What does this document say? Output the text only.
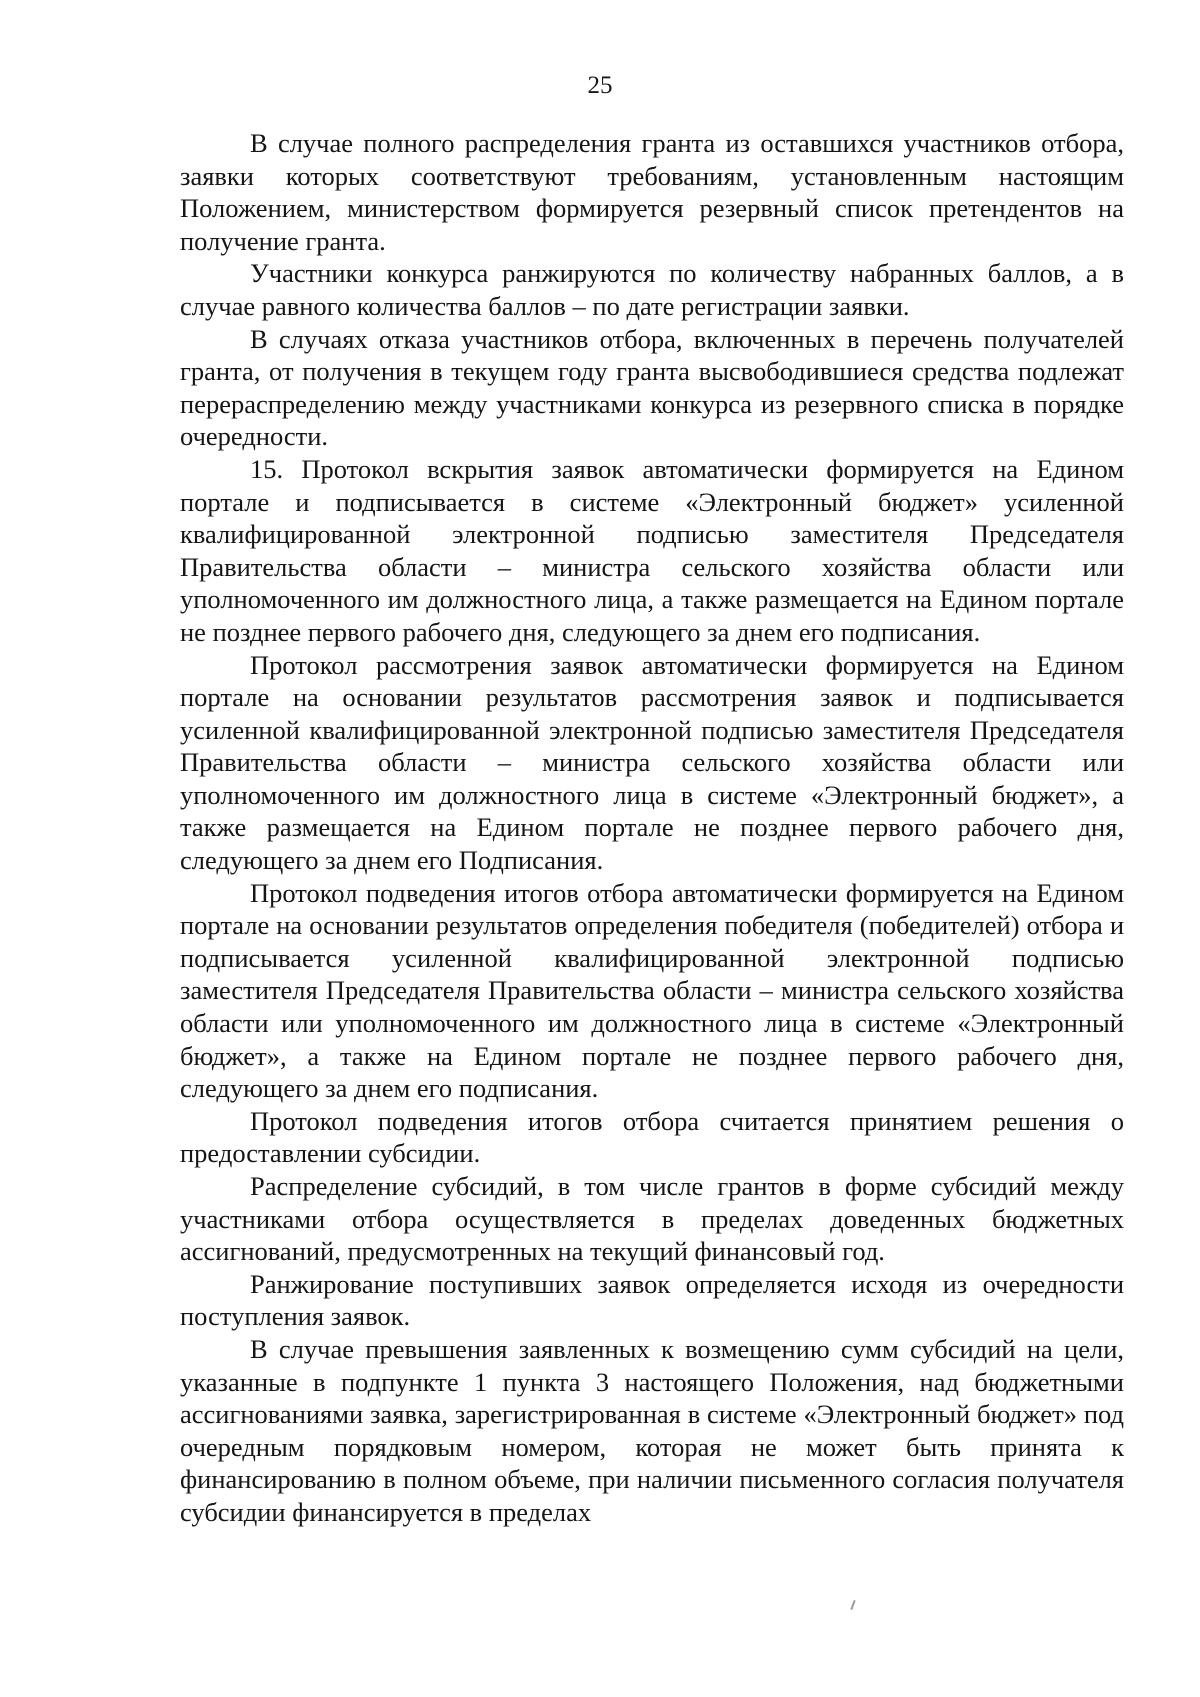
25

В случае полного распределения гранта из оставшихся участников отбора, заявки которых соответствуют требованиям, установленным настоящим Положением, министерством формируется резервный список претендентов на получение гранта.

Участники конкурса ранжируются по количеству набранных баллов, а в случае равного количества баллов – по дате регистрации заявки.

В случаях отказа участников отбора, включенных в перечень получателей гранта, от получения в текущем году гранта высвободившиеся средства подлежат перераспределению между участниками конкурса из резервного списка в порядке очередности.

15. Протокол вскрытия заявок автоматически формируется на Едином портале и подписывается в системе «Электронный бюджет» усиленной квалифицированной электронной подписью заместителя Председателя Правительства области – министра сельского хозяйства области или уполномоченного им должностного лица, а также размещается на Едином портале не позднее первого рабочего дня, следующего за днем его подписания.

Протокол рассмотрения заявок автоматически формируется на Едином портале на основании результатов рассмотрения заявок и подписывается усиленной квалифицированной электронной подписью заместителя Председателя Правительства области – министра сельского хозяйства области или уполномоченного им должностного лица в системе «Электронный бюджет», а также размещается на Едином портале не позднее первого рабочего дня, следующего за днем его Подписания.

Протокол подведения итогов отбора автоматически формируется на Едином портале на основании результатов определения победителя (победителей) отбора и подписывается усиленной квалифицированной электронной подписью заместителя Председателя Правительства области – министра сельского хозяйства области или уполномоченного им должностного лица в системе «Электронный бюджет», а также на Едином портале не позднее первого рабочего дня, следующего за днем его подписания.

Протокол подведения итогов отбора считается принятием решения о предоставлении субсидии.

Распределение субсидий, в том числе грантов в форме субсидий между участниками отбора осуществляется в пределах доведенных бюджетных ассигнований, предусмотренных на текущий финансовый год.

Ранжирование поступивших заявок определяется исходя из очередности поступления заявок.

В случае превышения заявленных к возмещению сумм субсидий на цели, указанные в подпункте 1 пункта 3 настоящего Положения, над бюджетными ассигнованиями заявка, зарегистрированная в системе «Электронный бюджет» под очередным порядковым номером, которая не может быть принята к финансированию в полном объеме, при наличии письменного согласия получателя субсидии финансируется в пределах
